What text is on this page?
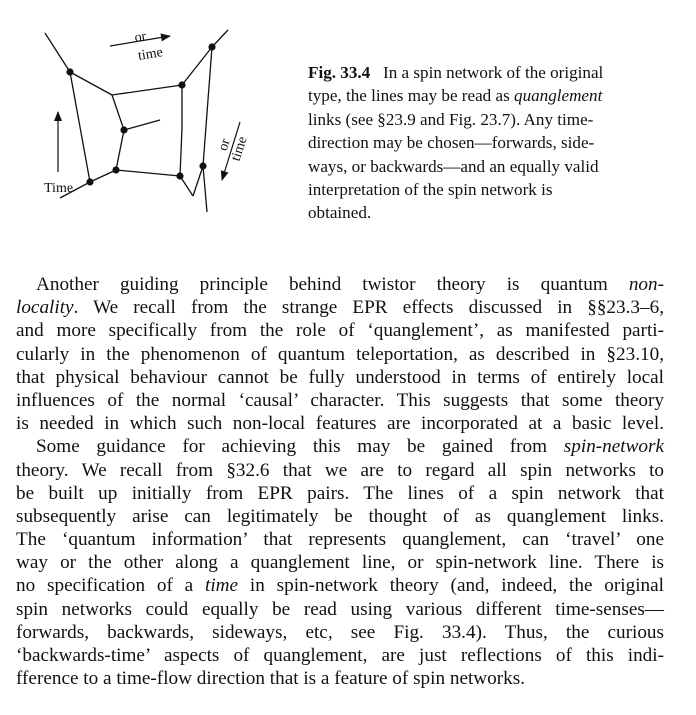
or
time
or
time
Time
Fig. 33.4 In a spin network of the original
type, the lines may be read as quanglement
links (see §23.9 and Fig. 23.7). Any time-
direction may be chosen—forwards, side-
ways, or backwards—and an equally valid
interpretation of the spin network is
obtained.
Another guiding principle behind twistor theory is quantum non-
locality. We recall from the strange EPR effects discussed in §§23.3–6,
and more specifically from the role of ‘quanglement’, as manifested parti-
cularly in the phenomenon of quantum teleportation, as described in §23.10,
that physical behaviour cannot be fully understood in terms of entirely local
influences of the normal ‘causal’ character. This suggests that some theory
is needed in which such non-local features are incorporated at a basic level.
Some guidance for achieving this may be gained from spin-network
theory. We recall from §32.6 that we are to regard all spin networks to
be built up initially from EPR pairs. The lines of a spin network that
subsequently arise can legitimately be thought of as quanglement links.
The ‘quantum information’ that represents quanglement, can ‘travel’ one
way or the other along a quanglement line, or spin-network line. There is
no specification of a time in spin-network theory (and, indeed, the original
spin networks could equally be read using various different time-senses—
forwards, backwards, sideways, etc, see Fig. 33.4). Thus, the curious
‘backwards-time’ aspects of quanglement, are just reflections of this indi-
fference to a time-flow direction that is a feature of spin networks.
